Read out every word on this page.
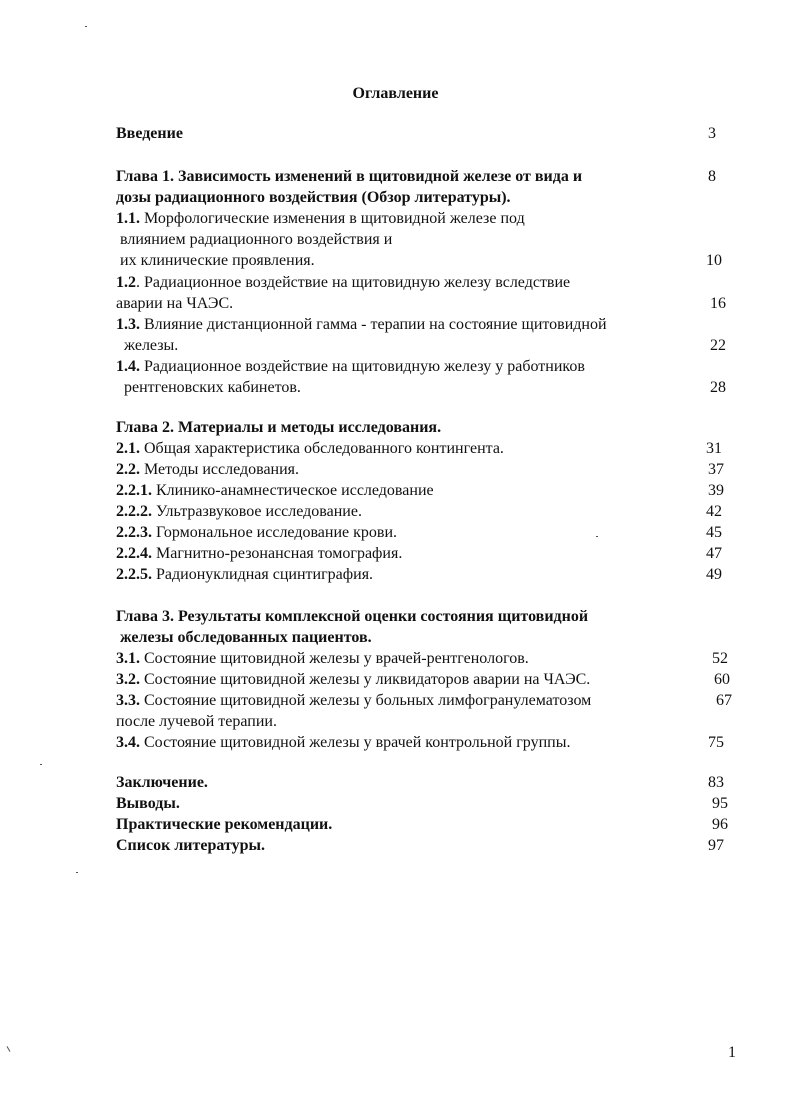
Оглавление
Введение	3
Глава 1. Зависимость изменений в щитовидной железе от вида и	8
дозы радиационного воздействия (Обзор литературы).
1.1. Морфологические изменения в щитовидной железе под
влиянием радиационного воздействия и
их клинические проявления.	10
1.2. Радиационное воздействие на щитовидную железу вследствие
аварии на ЧАЭС.	16
1.3. Влияние дистанционной гамма - терапии на состояние щитовидной
железы.	22
1.4. Радиационное воздействие на щитовидную железу у работников
рентгеновских кабинетов.	28
Глава 2. Материалы и методы исследования.
2.1. Общая характеристика обследованного контингента.	31
2.2. Методы исследования.	37
2.2.1. Клинико-анамнестическое исследование	39
2.2.2. Ультразвуковое исследование.	42
2.2.3. Гормональное исследование крови.	45
2.2.4. Магнитно-резонансная томография.	47
2.2.5. Радионуклидная сцинтиграфия.	49
Глава 3. Результаты комплексной оценки состояния щитовидной
железы обследованных пациентов.
3.1. Состояние щитовидной железы у врачей-рентгенологов.	52
3.2. Состояние щитовидной железы у ликвидаторов аварии на ЧАЭС.	60
3.3. Состояние щитовидной железы у больных лимфогранулематозом	67
после лучевой терапии.
3.4. Состояние щитовидной железы у врачей контрольной группы.	75
Заключение.	83
Выводы.	95
Практические рекомендации.	96
Список литературы.	97
1
